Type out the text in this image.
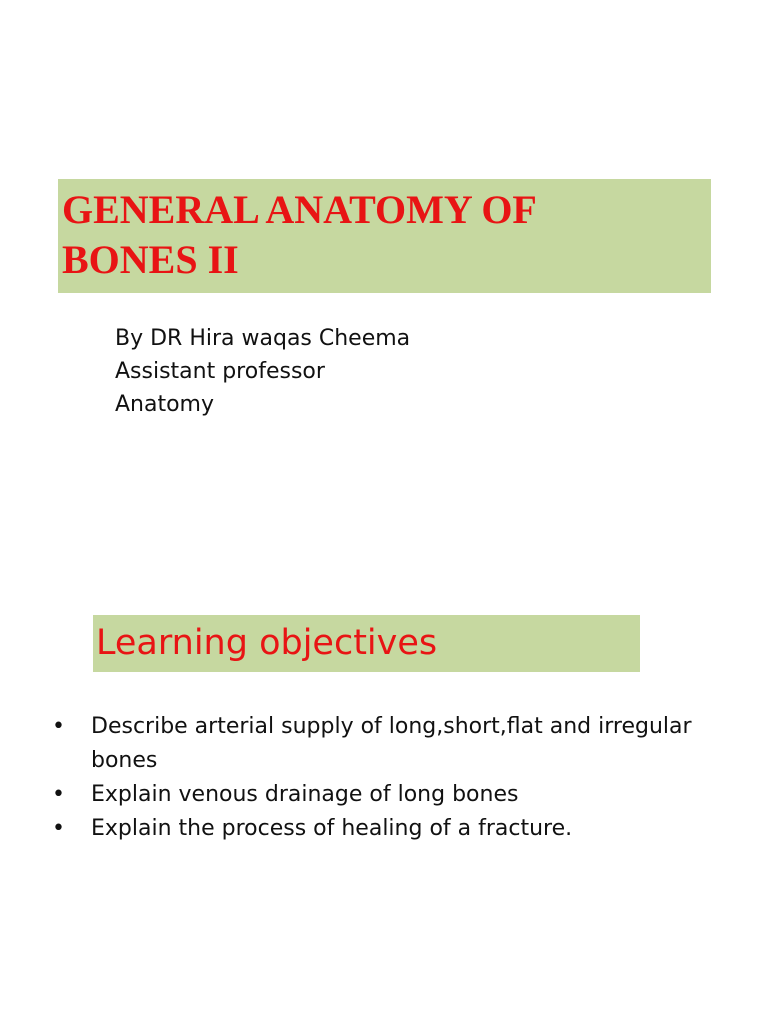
GENERAL ANATOMY OF
BONES II
By DR Hira waqas Cheema
Assistant professor
Anatomy
Learning objectives
• Describe arterial supply of long,short,flat and irregular bones
• Explain venous drainage of long bones
• Explain the process of healing of a fracture.
